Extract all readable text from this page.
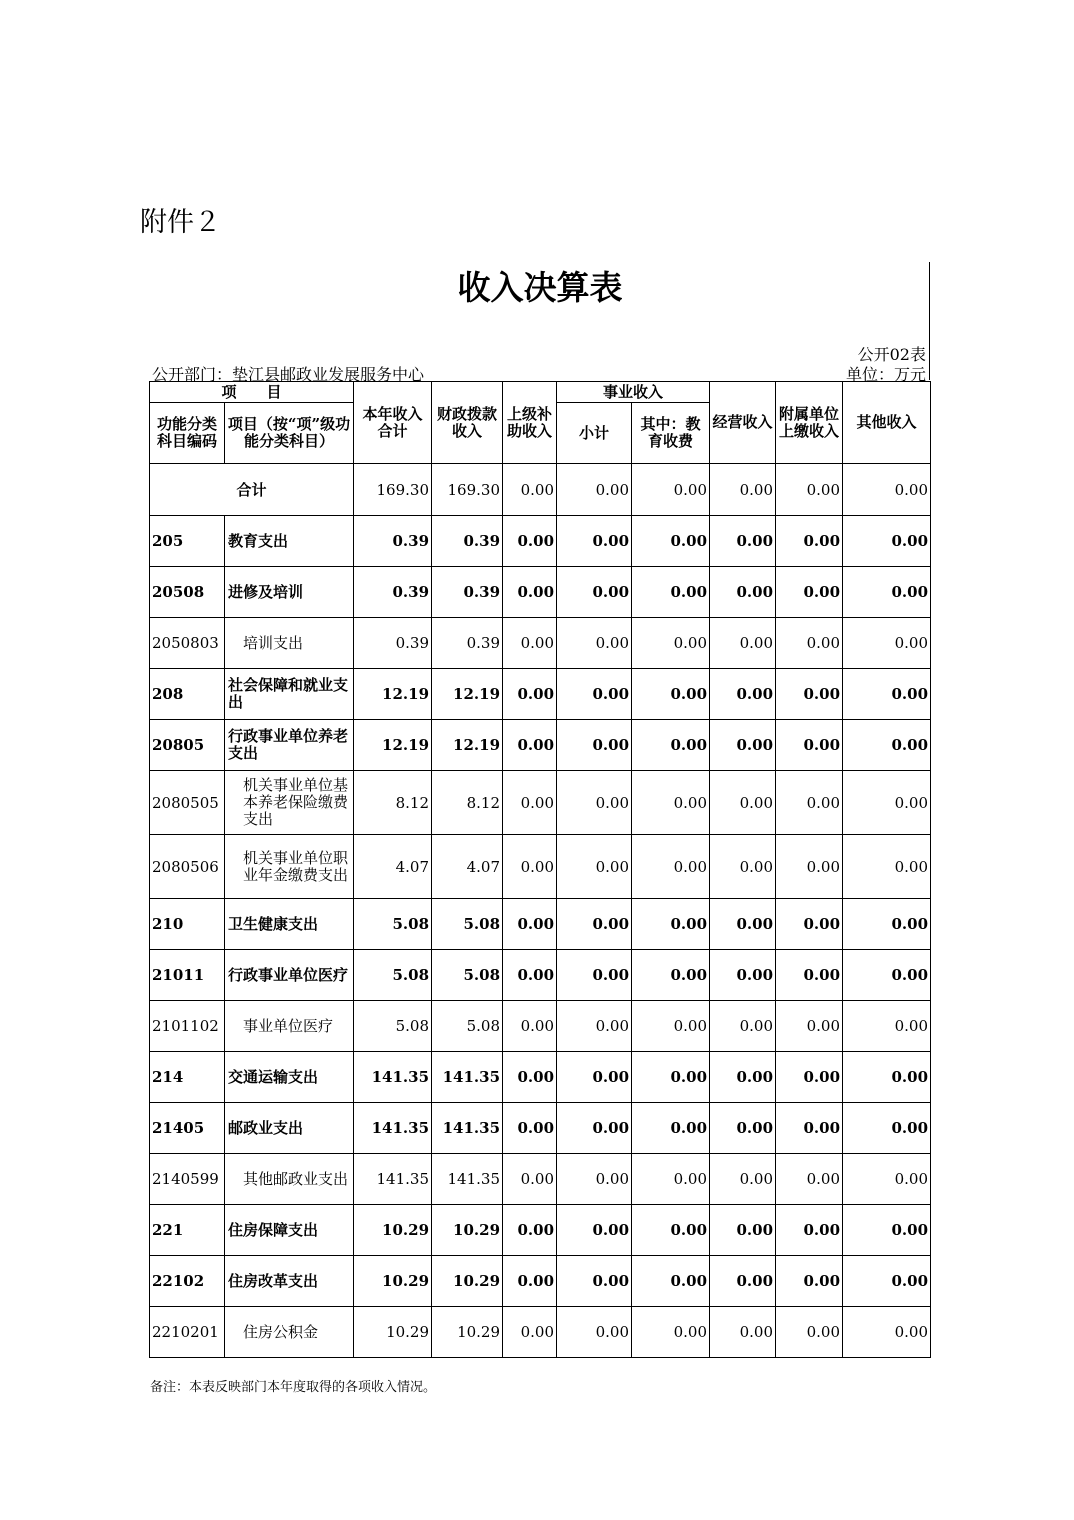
附件２
收入决算表
公开02表
公开部门：垫江县邮政业发展服务中心	单位：万元
项　　目		本年收入合计	财政拨款收入	上级补助收入	事业收入		经营收入	附属单位上缴收入	其他收入
功能分类科目编码	项目（按“项”级功能分类科目）				小计	其中：教育收费			
合计		169.30	169.30	0.00	0.00	0.00	0.00	0.00	0.00
205	教育支出	0.39	0.39	0.00	0.00	0.00	0.00	0.00	0.00
20508	进修及培训	0.39	0.39	0.00	0.00	0.00	0.00	0.00	0.00
2050803	培训支出	0.39	0.39	0.00	0.00	0.00	0.00	0.00	0.00
208	社会保障和就业支出	12.19	12.19	0.00	0.00	0.00	0.00	0.00	0.00
20805	行政事业单位养老支出	12.19	12.19	0.00	0.00	0.00	0.00	0.00	0.00
2080505	机关事业单位基本养老保险缴费支出	8.12	8.12	0.00	0.00	0.00	0.00	0.00	0.00
2080506	机关事业单位职业年金缴费支出	4.07	4.07	0.00	0.00	0.00	0.00	0.00	0.00
210	卫生健康支出	5.08	5.08	0.00	0.00	0.00	0.00	0.00	0.00
21011	行政事业单位医疗	5.08	5.08	0.00	0.00	0.00	0.00	0.00	0.00
2101102	事业单位医疗	5.08	5.08	0.00	0.00	0.00	0.00	0.00	0.00
214	交通运输支出	141.35	141.35	0.00	0.00	0.00	0.00	0.00	0.00
21405	邮政业支出	141.35	141.35	0.00	0.00	0.00	0.00	0.00	0.00
2140599	其他邮政业支出	141.35	141.35	0.00	0.00	0.00	0.00	0.00	0.00
221	住房保障支出	10.29	10.29	0.00	0.00	0.00	0.00	0.00	0.00
22102	住房改革支出	10.29	10.29	0.00	0.00	0.00	0.00	0.00	0.00
2210201	住房公积金	10.29	10.29	0.00	0.00	0.00	0.00	0.00	0.00
备注：本表反映部门本年度取得的各项收入情况。
